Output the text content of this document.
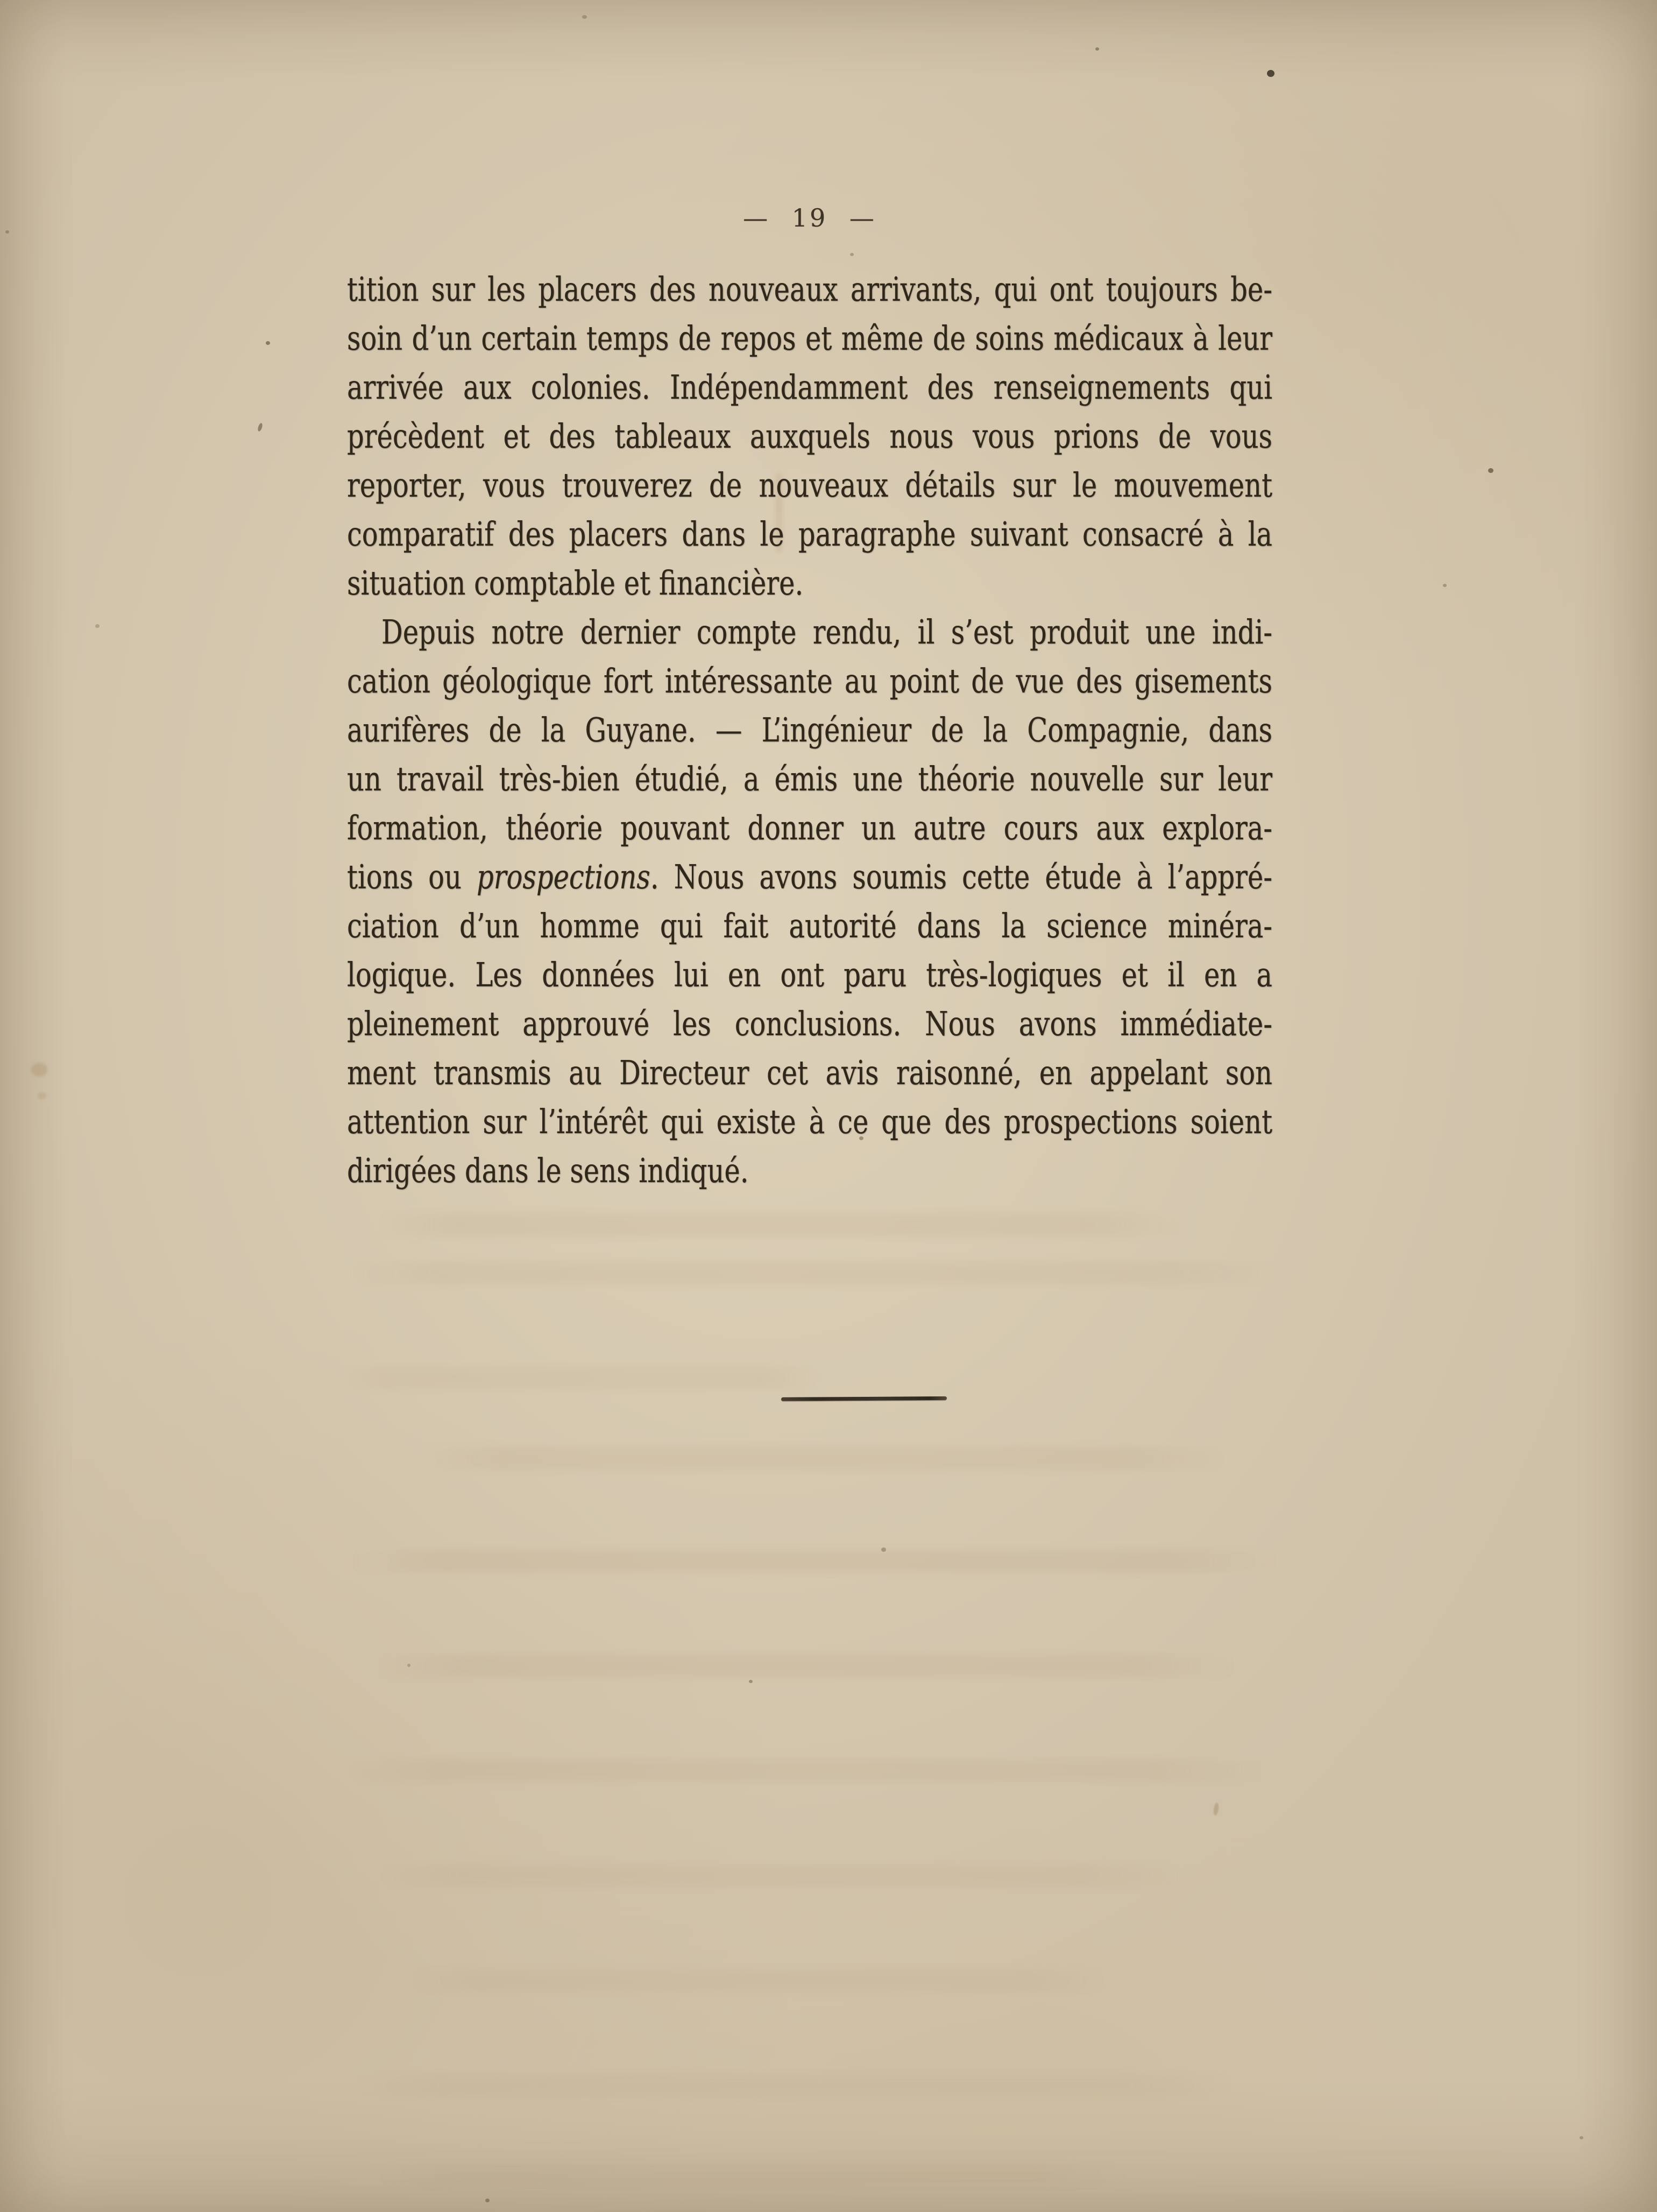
— 19 —
tition sur les placers des nouveaux arrivants, qui ont toujours be-
soin d’un certain temps de repos et même de soins médicaux à leur
arrivée aux colonies. Indépendamment des renseignements qui
précèdent et des tableaux auxquels nous vous prions de vous
reporter, vous trouverez de nouveaux détails sur le mouvement
comparatif des placers dans le paragraphe suivant consacré à la
situation comptable et financière.
Depuis notre dernier compte rendu, il s’est produit une indi-
cation géologique fort intéressante au point de vue des gisements
aurifères de la Guyane. — L’ingénieur de la Compagnie, dans
un travail très-bien étudié, a émis une théorie nouvelle sur leur
formation, théorie pouvant donner un autre cours aux explora-
tions ou prospections. Nous avons soumis cette étude à l’appré-
ciation d’un homme qui fait autorité dans la science minéra-
logique. Les données lui en ont paru très-logiques et il en a
pleinement approuvé les conclusions. Nous avons immédiate-
ment transmis au Directeur cet avis raisonné, en appelant son
attention sur l’intérêt qui existe à ce que des prospections soient
dirigées dans le sens indiqué.
